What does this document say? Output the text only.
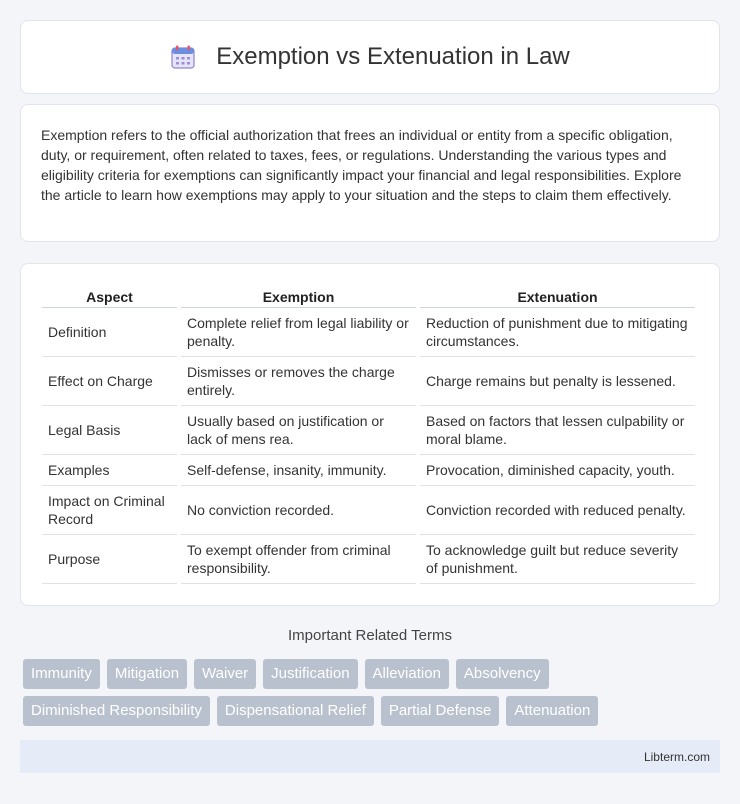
Exemption vs Extenuation in Law

Exemption refers to the official authorization that frees an individual or entity from a specific obligation, duty, or requirement, often related to taxes, fees, or regulations. Understanding the various types and eligibility criteria for exemptions can significantly impact your financial and legal responsibilities. Explore the article to learn how exemptions may apply to your situation and the steps to claim them effectively.

Aspect	Exemption	Extenuation
Definition	Complete relief from legal liability or penalty.	Reduction of punishment due to mitigating circumstances.
Effect on Charge	Dismisses or removes the charge entirely.	Charge remains but penalty is lessened.
Legal Basis	Usually based on justification or lack of mens rea.	Based on factors that lessen culpability or moral blame.
Examples	Self-defense, insanity, immunity.	Provocation, diminished capacity, youth.
Impact on Criminal Record	No conviction recorded.	Conviction recorded with reduced penalty.
Purpose	To exempt offender from criminal responsibility.	To acknowledge guilt but reduce severity of punishment.
Important Related Terms
Immunity	Mitigation	Waiver	Justification	Alleviation	Absolvency
Diminished Responsibility	Dispensational Relief	Partial Defense	Attenuation
Libterm.com
